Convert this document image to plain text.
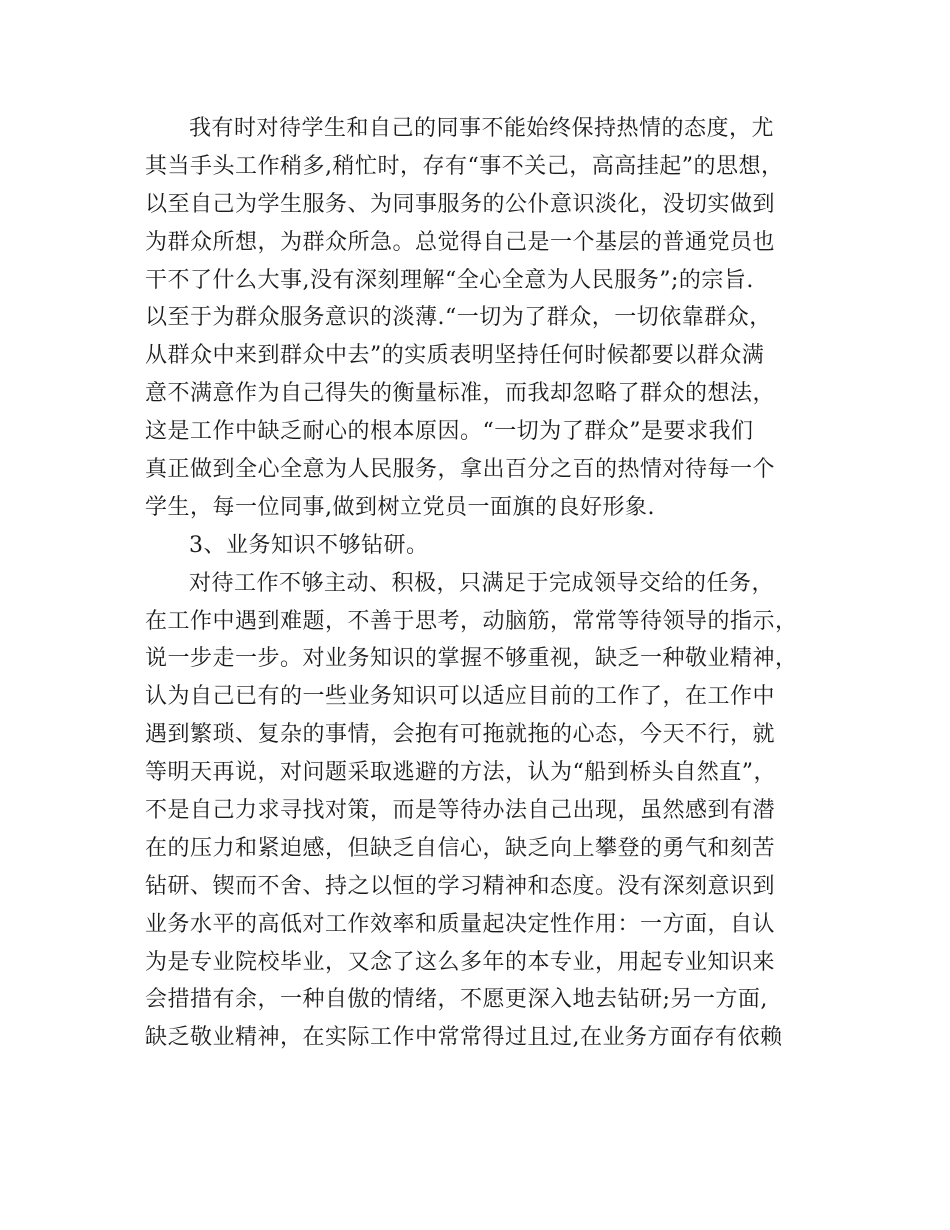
我有时对待学生和自己的同事不能始终保持热情的态度，尤
其当手头工作稍多,稍忙时，存有“事不关己，高高挂起”的思想，
以至自己为学生服务、为同事服务的公仆意识淡化，没切实做到
为群众所想，为群众所急。总觉得自己是一个基层的普通党员也
干不了什么大事,没有深刻理解“全心全意为人民服务”;的宗旨.
以至于为群众服务意识的淡薄.“一切为了群众，一切依靠群众，
从群众中来到群众中去”的实质表明坚持任何时候都要以群众满
意不满意作为自己得失的衡量标准，而我却忽略了群众的想法，
这是工作中缺乏耐心的根本原因。“一切为了群众”是要求我们
真正做到全心全意为人民服务，拿出百分之百的热情对待每一个
学生，每一位同事,做到树立党员一面旗的良好形象.
3、业务知识不够钻研。
对待工作不够主动、积极，只满足于完成领导交给的任务，
在工作中遇到难题，不善于思考，动脑筋，常常等待领导的指示，
说一步走一步。对业务知识的掌握不够重视，缺乏一种敬业精神，
认为自己已有的一些业务知识可以适应目前的工作了，在工作中
遇到繁琐、复杂的事情，会抱有可拖就拖的心态，今天不行，就
等明天再说，对问题采取逃避的方法，认为“船到桥头自然直”，
不是自己力求寻找对策，而是等待办法自己出现，虽然感到有潜
在的压力和紧迫感，但缺乏自信心，缺乏向上攀登的勇气和刻苦
钻研、锲而不舍、持之以恒的学习精神和态度。没有深刻意识到
业务水平的高低对工作效率和质量起决定性作用：一方面，自认
为是专业院校毕业，又念了这么多年的本专业，用起专业知识来
会措措有余，一种自傲的情绪，不愿更深入地去钻研;另一方面,
缺乏敬业精神，在实际工作中常常得过且过,在业务方面存有依赖
